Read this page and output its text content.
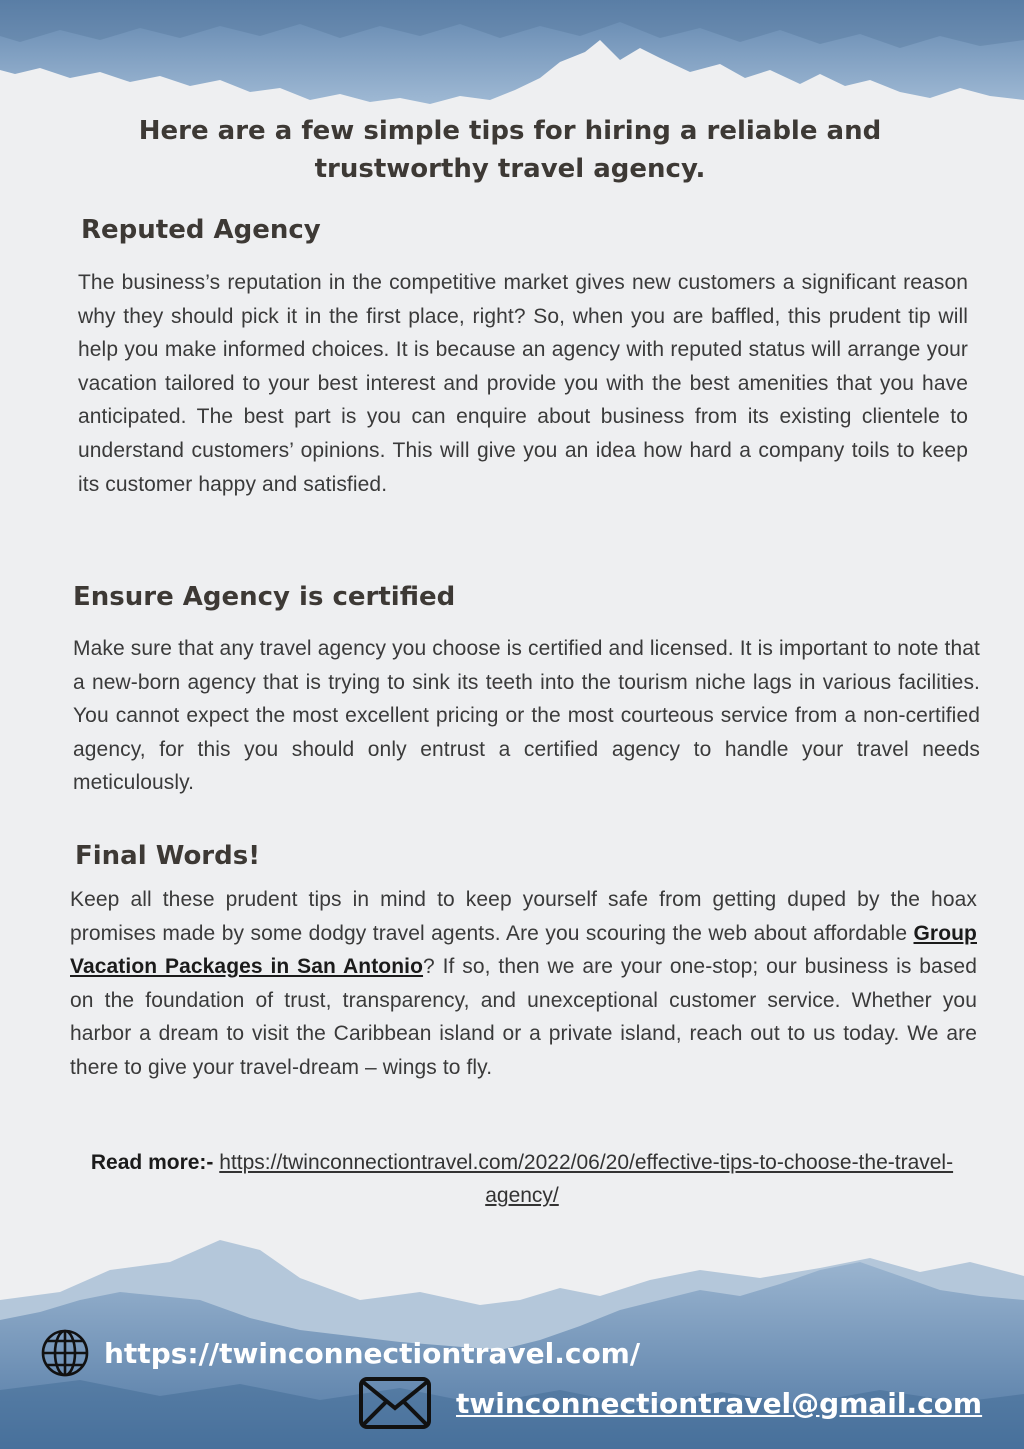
Here are a few simple tips for hiring a reliable and trustworthy travel agency.
Reputed Agency

The business’s reputation in the competitive market gives new customers a significant reason why they should pick it in the first place, right? So, when you are baffled, this prudent tip will help you make informed choices. It is because an agency with reputed status will arrange your vacation tailored to your best interest and provide you with the best amenities that you have anticipated. The best part is you can enquire about business from its existing clientele to understand customers’ opinions. This will give you an idea how hard a company toils to keep its customer happy and satisfied.

Ensure Agency is certified

Make sure that any travel agency you choose is certified and licensed. It is important to note that a new-born agency that is trying to sink its teeth into the tourism niche lags in various facilities. You cannot expect the most excellent pricing or the most courteous service from a non-certified agency, for this you should only entrust a certified agency to handle your travel needs meticulously.

Final Words!

Keep all these prudent tips in mind to keep yourself safe from getting duped by the hoax promises made by some dodgy travel agents. Are you scouring the web about affordable Group Vacation Packages in San Antonio? If so, then we are your one-stop; our business is based on the foundation of trust, transparency, and unexceptional customer service. Whether you harbor a dream to visit the Caribbean island or a private island, reach out to us today. We are there to give your travel-dream – wings to fly.

Read more:- https://twinconnectiontravel.com/2022/06/20/effective-tips-to-choose-the-travel-agency/
https://twinconnectiontravel.com/
twinconnectiontravel@gmail.com
